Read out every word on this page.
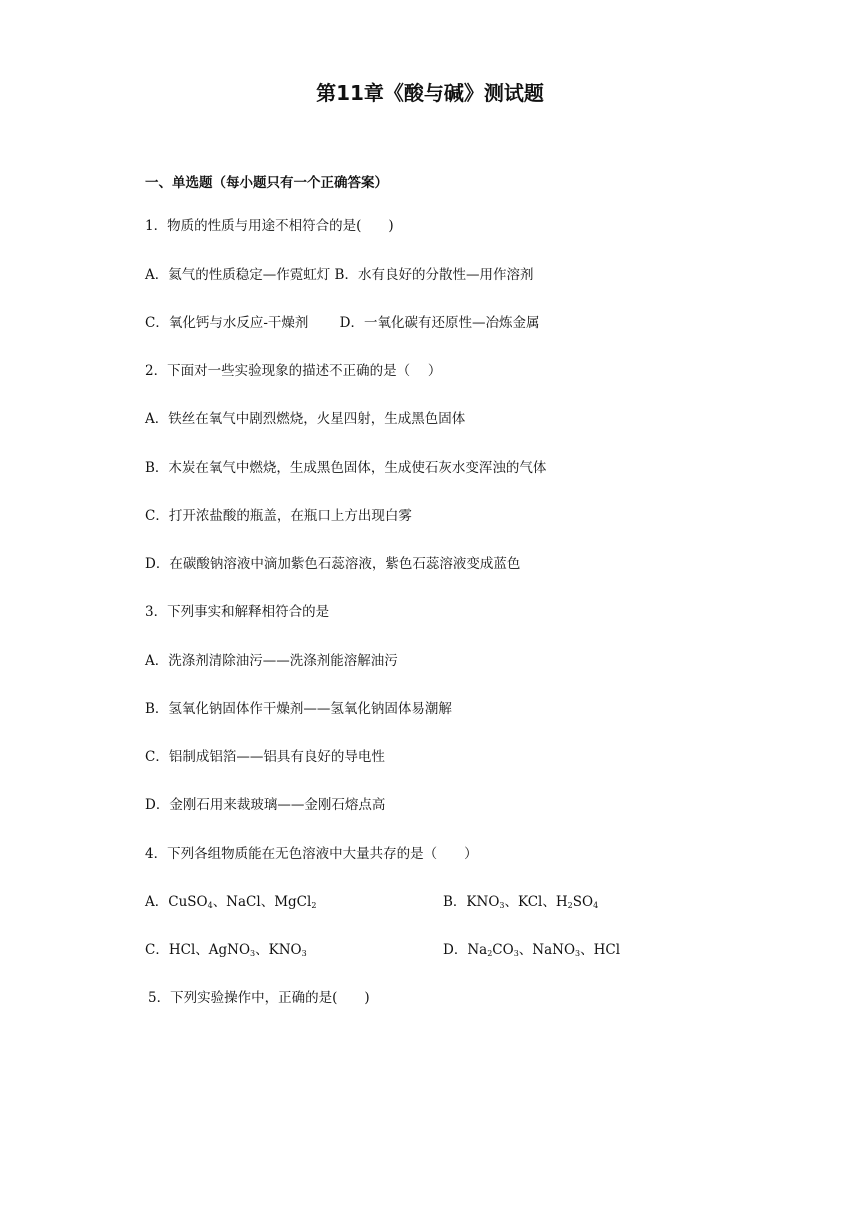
第11章《酸与碱》测试题
一、单选题（每小题只有一个正确答案）
1．物质的性质与用途不相符合的是(　　)
A．氦气的性质稳定—作霓虹灯 B．水有良好的分散性—用作溶剂
C．氧化钙与水反应-干燥剂　　 D．一氧化碳有还原性—冶炼金属
2．下面对一些实验现象的描述不正确的是（　 ）
A．铁丝在氧气中剧烈燃烧，火星四射，生成黑色固体
B．木炭在氧气中燃烧，生成黑色固体，生成使石灰水变浑浊的气体
C．打开浓盐酸的瓶盖，在瓶口上方出现白雾
D．在碳酸钠溶液中滴加紫色石蕊溶液，紫色石蕊溶液变成蓝色
3．下列事实和解释相符合的是
A．洗涤剂清除油污——洗涤剂能溶解油污
B．氢氧化钠固体作干燥剂——氢氧化钠固体易潮解
C．铝制成铝箔——铝具有良好的导电性
D．金刚石用来裁玻璃——金刚石熔点高
4．下列各组物质能在无色溶液中大量共存的是（　　）
A．CuSO$_4$、NaCl、MgCl$_2$	B．$KNO_3$、KCl、$H_2SO_4$
C．HCl、AgNO$_3$、$KNO_3$	D．$Na_2CO_3$、NaNO$_3$、HCl
5．下列实验操作中，正确的是(　　)
